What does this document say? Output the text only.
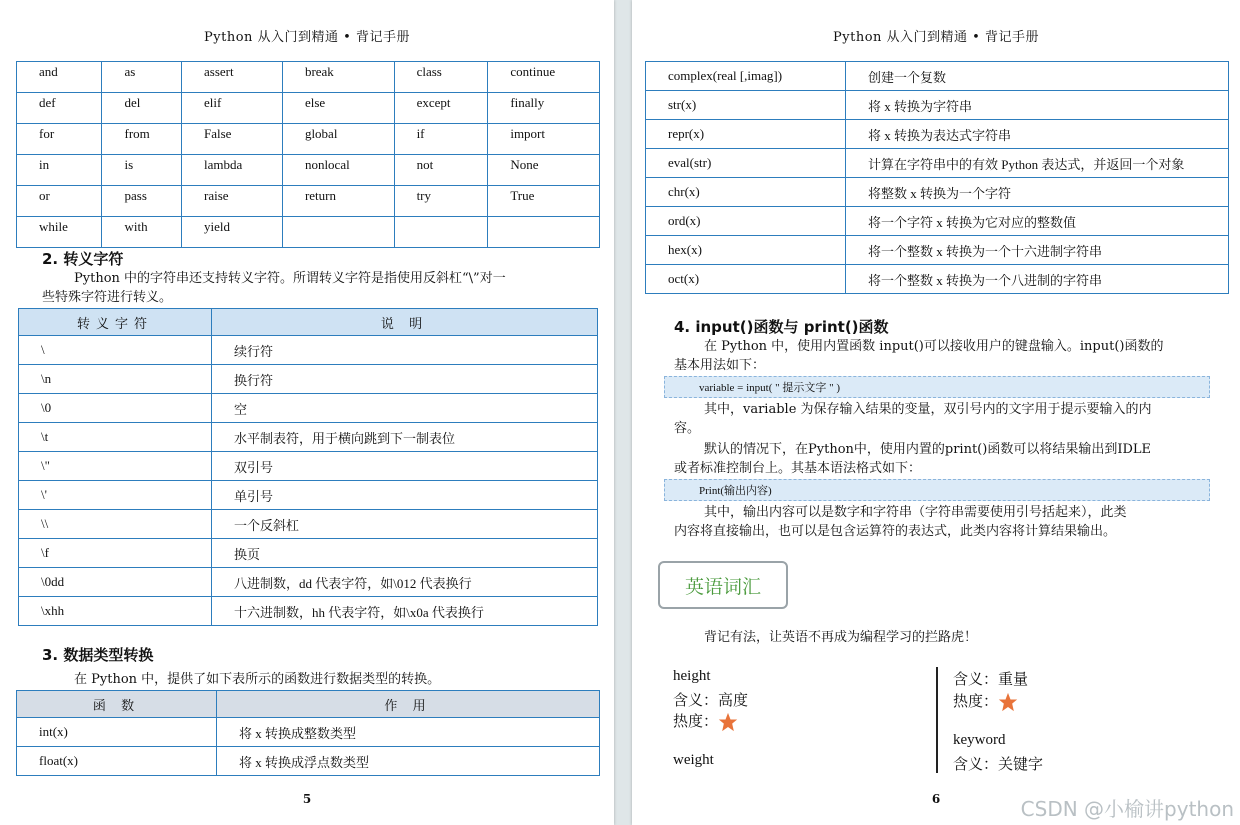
Python 从入门到精通 • 背记手册
and	as	assert	break	class	continue
def	del	elif	else	except	finally
for	from	False	global	if	import
in	is	lambda	nonlocal	not	None
or	pass	raise	return	try	True
while	with	yield			
2. 转义字符
Python 中的字符串还支持转义字符。所谓转义字符是指使用反斜杠“\”对一
些特殊字符进行转义。
转义字符	说 明
\	续行符
\n	换行符
\0	空
\t	水平制表符，用于横向跳到下一制表位
\"	双引号
\'	单引号
\\	一个反斜杠
\f	换页
\0dd	八进制数，dd 代表字符，如\012 代表换行
\xhh	十六进制数，hh 代表字符，如\x0a 代表换行
3. 数据类型转换
在 Python 中，提供了如下表所示的函数进行数据类型的转换。
函 数	作 用
int(x)	将 x 转换成整数类型
float(x)	将 x 转换成浮点数类型
5
Python 从入门到精通 • 背记手册
6
complex(real [,imag])	创建一个复数
str(x)	将 x 转换为字符串
repr(x)	将 x 转换为表达式字符串
eval(str)	计算在字符串中的有效 Python 表达式，并返回一个对象
chr(x)	将整数 x 转换为一个字符
ord(x)	将一个字符 x 转换为它对应的整数值
hex(x)	将一个整数 x 转换为一个十六进制字符串
oct(x)	将一个整数 x 转换为一个八进制的字符串
4. input()函数与 print()函数
在 Python 中，使用内置函数 input()可以接收用户的键盘输入。input()函数的
基本用法如下：
variable = input( " 提示文字 " )
其中，variable 为保存输入结果的变量，双引号内的文字用于提示要输入的内
容。
默认的情况下，在Python中，使用内置的print()函数可以将结果输出到IDLE
或者标准控制台上。其基本语法格式如下：
Print(输出内容)
其中，输出内容可以是数字和字符串（字符串需要使用引号括起来），此类
内容将直接输出，也可以是包含运算符的表达式，此类内容将计算结果输出。
英语词汇
背记有法，让英语不再成为编程学习的拦路虎！
height
含义：高度
热度：
weight
含义：重量
热度：
keyword
含义：关键字
CSDN @小榆讲python
